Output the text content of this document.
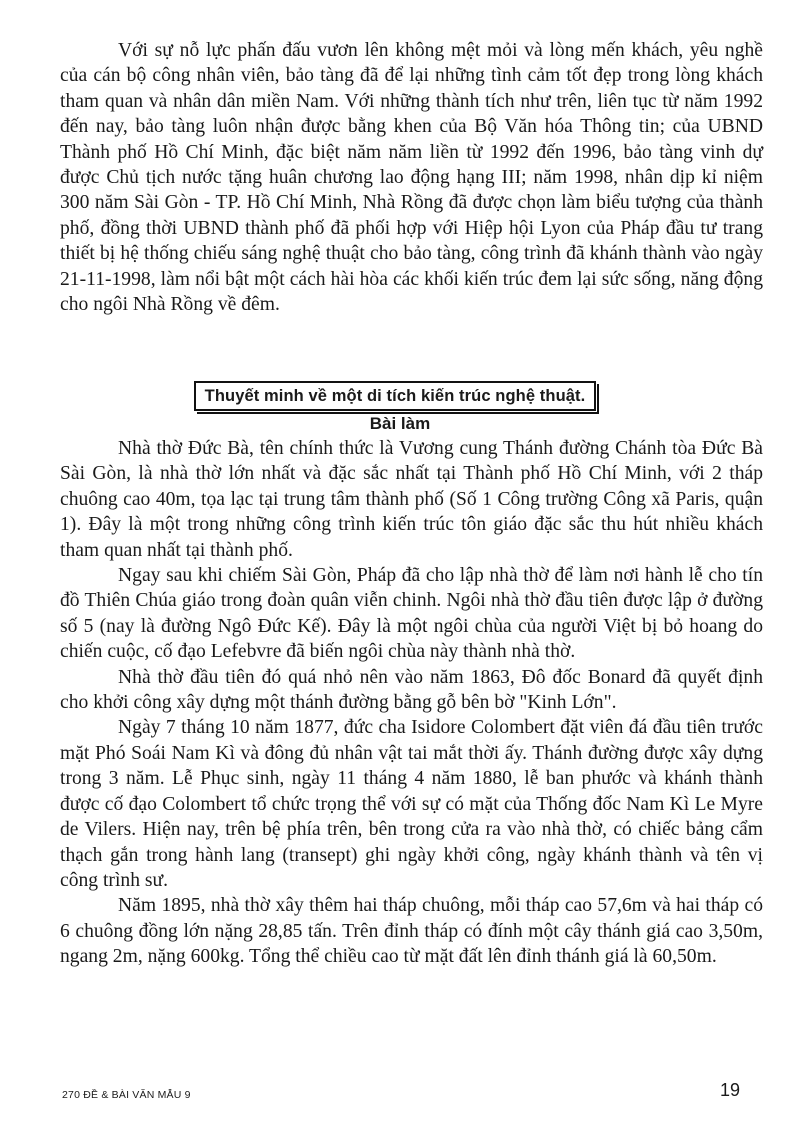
Với sự nỗ lực phấn đấu vươn lên không mệt mỏi và lòng mến khách, yêu nghề của cán bộ công nhân viên, bảo tàng đã để lại những tình cảm tốt đẹp trong lòng khách tham quan và nhân dân miền Nam. Với những thành tích như trên, liên tục từ năm 1992 đến nay, bảo tàng luôn nhận được bằng khen của Bộ Văn hóa Thông tin; của UBND Thành phố Hồ Chí Minh, đặc biệt năm năm liền từ 1992 đến 1996, bảo tàng vinh dự được Chủ tịch nước tặng huân chương lao động hạng III; năm 1998, nhân dịp kỉ niệm 300 năm Sài Gòn - TP. Hồ Chí Minh, Nhà Rồng đã được chọn làm biểu tượng của thành phố, đồng thời UBND thành phố đã phối hợp với Hiệp hội Lyon của Pháp đầu tư trang thiết bị hệ thống chiếu sáng nghệ thuật cho bảo tàng, công trình đã khánh thành vào ngày 21-11-1998, làm nổi bật một cách hài hòa các khối kiến trúc đem lại sức sống, năng động cho ngôi Nhà Rồng về đêm.

Thuyết minh về một di tích kiến trúc nghệ thuật.
Bài làm

Nhà thờ Đức Bà, tên chính thức là Vương cung Thánh đường Chánh tòa Đức Bà Sài Gòn, là nhà thờ lớn nhất và đặc sắc nhất tại Thành phố Hồ Chí Minh, với 2 tháp chuông cao 40m, tọa lạc tại trung tâm thành phố (Số 1 Công trường Công xã Paris, quận 1). Đây là một trong những công trình kiến trúc tôn giáo đặc sắc thu hút nhiều khách tham quan nhất tại thành phố.

Ngay sau khi chiếm Sài Gòn, Pháp đã cho lập nhà thờ để làm nơi hành lễ cho tín đồ Thiên Chúa giáo trong đoàn quân viễn chinh. Ngôi nhà thờ đầu tiên được lập ở đường số 5 (nay là đường Ngô Đức Kế). Đây là một ngôi chùa của người Việt bị bỏ hoang do chiến cuộc, cố đạo Lefebvre đã biến ngôi chùa này thành nhà thờ.

Nhà thờ đầu tiên đó quá nhỏ nên vào năm 1863, Đô đốc Bonard đã quyết định cho khởi công xây dựng một thánh đường bằng gỗ bên bờ "Kinh Lớn".

Ngày 7 tháng 10 năm 1877, đức cha Isidore Colombert đặt viên đá đầu tiên trước mặt Phó Soái Nam Kì và đông đủ nhân vật tai mắt thời ấy. Thánh đường được xây dựng trong 3 năm. Lễ Phục sinh, ngày 11 tháng 4 năm 1880, lễ ban phước và khánh thành được cố đạo Colombert tổ chức trọng thể với sự có mặt của Thống đốc Nam Kì Le Myre de Vilers. Hiện nay, trên bệ phía trên, bên trong cửa ra vào nhà thờ, có chiếc bảng cẩm thạch gắn trong hành lang (transept) ghi ngày khởi công, ngày khánh thành và tên vị công trình sư.

Năm 1895, nhà thờ xây thêm hai tháp chuông, mỗi tháp cao 57,6m và hai tháp có 6 chuông đồng lớn nặng 28,85 tấn. Trên đỉnh tháp có đính một cây thánh giá cao 3,50m, ngang 2m, nặng 600kg. Tổng thể chiều cao từ mặt đất lên đỉnh thánh giá là 60,50m.

270 ĐỀ & BÀI VĂN MẪU 9	19
